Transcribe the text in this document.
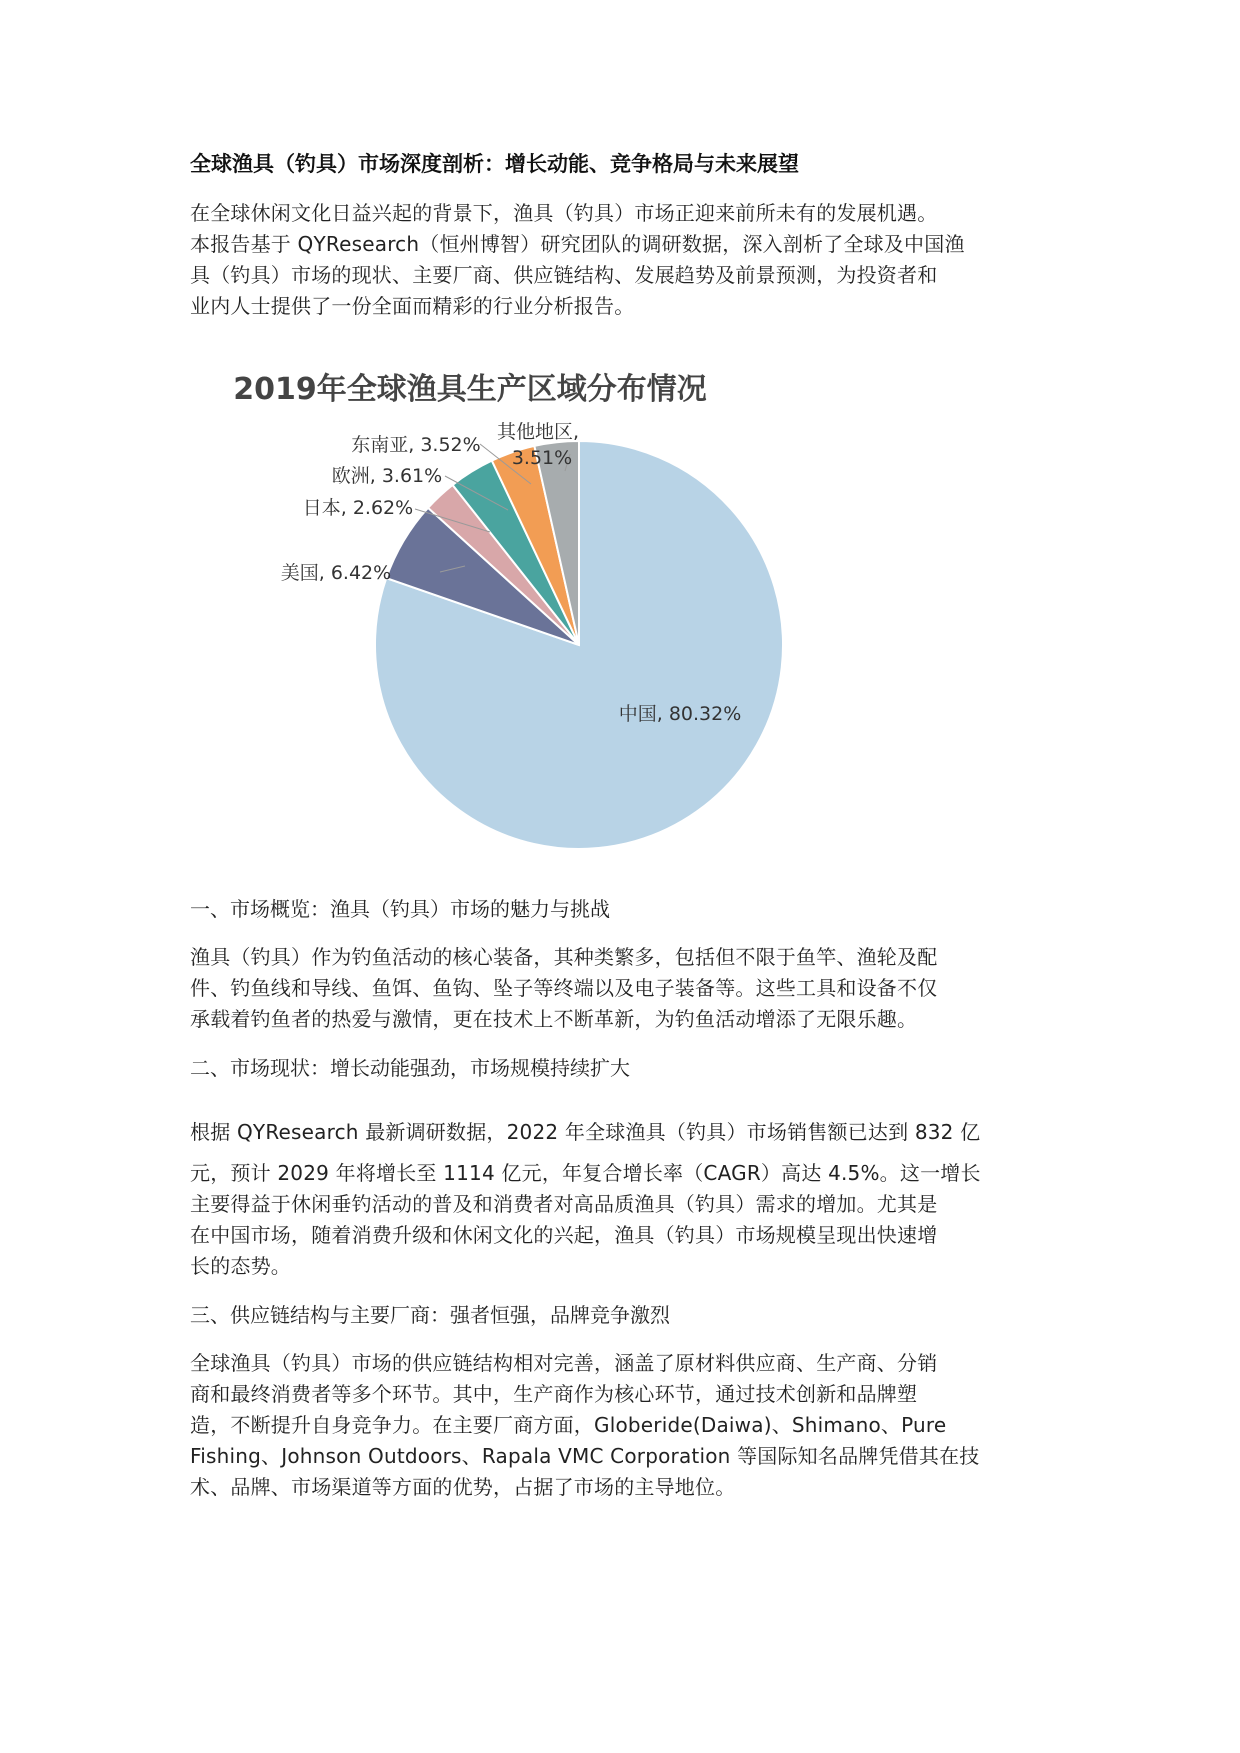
全球渔具（钓具）市场深度剖析：增长动能、竞争格局与未来展望

在全球休闲文化日益兴起的背景下，渔具（钓具）市场正迎来前所未有的发展机遇。

本报告基于 QYResearch（恒州博智）研究团队的调研数据，深入剖析了全球及中国渔

具（钓具）市场的现状、主要厂商、供应链结构、发展趋势及前景预测，为投资者和

业内人士提供了一份全面而精彩的行业分析报告。

2019年全球渔具生产区域分布情况
中国, 80.32%
美国, 6.42%
日本, 2.62%
欧洲, 3.61%
东南亚, 3.52%
其他地区,
3.51%
一、市场概览：渔具（钓具）市场的魅力与挑战

渔具（钓具）作为钓鱼活动的核心装备，其种类繁多，包括但不限于鱼竿、渔轮及配

件、钓鱼线和导线、鱼饵、鱼钩、坠子等终端以及电子装备等。这些工具和设备不仅

承载着钓鱼者的热爱与激情，更在技术上不断革新，为钓鱼活动增添了无限乐趣。

二、市场现状：增长动能强劲，市场规模持续扩大

根据 QYResearch 最新调研数据，2022 年全球渔具（钓具）市场销售额已达到 832 亿

元，预计 2029 年将增长至 1114 亿元，年复合增长率（CAGR）高达 4.5%。这一增长

主要得益于休闲垂钓活动的普及和消费者对高品质渔具（钓具）需求的增加。尤其是

在中国市场，随着消费升级和休闲文化的兴起，渔具（钓具）市场规模呈现出快速增

长的态势。

三、供应链结构与主要厂商：强者恒强，品牌竞争激烈

全球渔具（钓具）市场的供应链结构相对完善，涵盖了原材料供应商、生产商、分销

商和最终消费者等多个环节。其中，生产商作为核心环节，通过技术创新和品牌塑

造，不断提升自身竞争力。在主要厂商方面，Globeride(Daiwa)、Shimano、Pure

Fishing、Johnson Outdoors、Rapala VMC Corporation 等国际知名品牌凭借其在技

术、品牌、市场渠道等方面的优势，占据了市场的主导地位。
